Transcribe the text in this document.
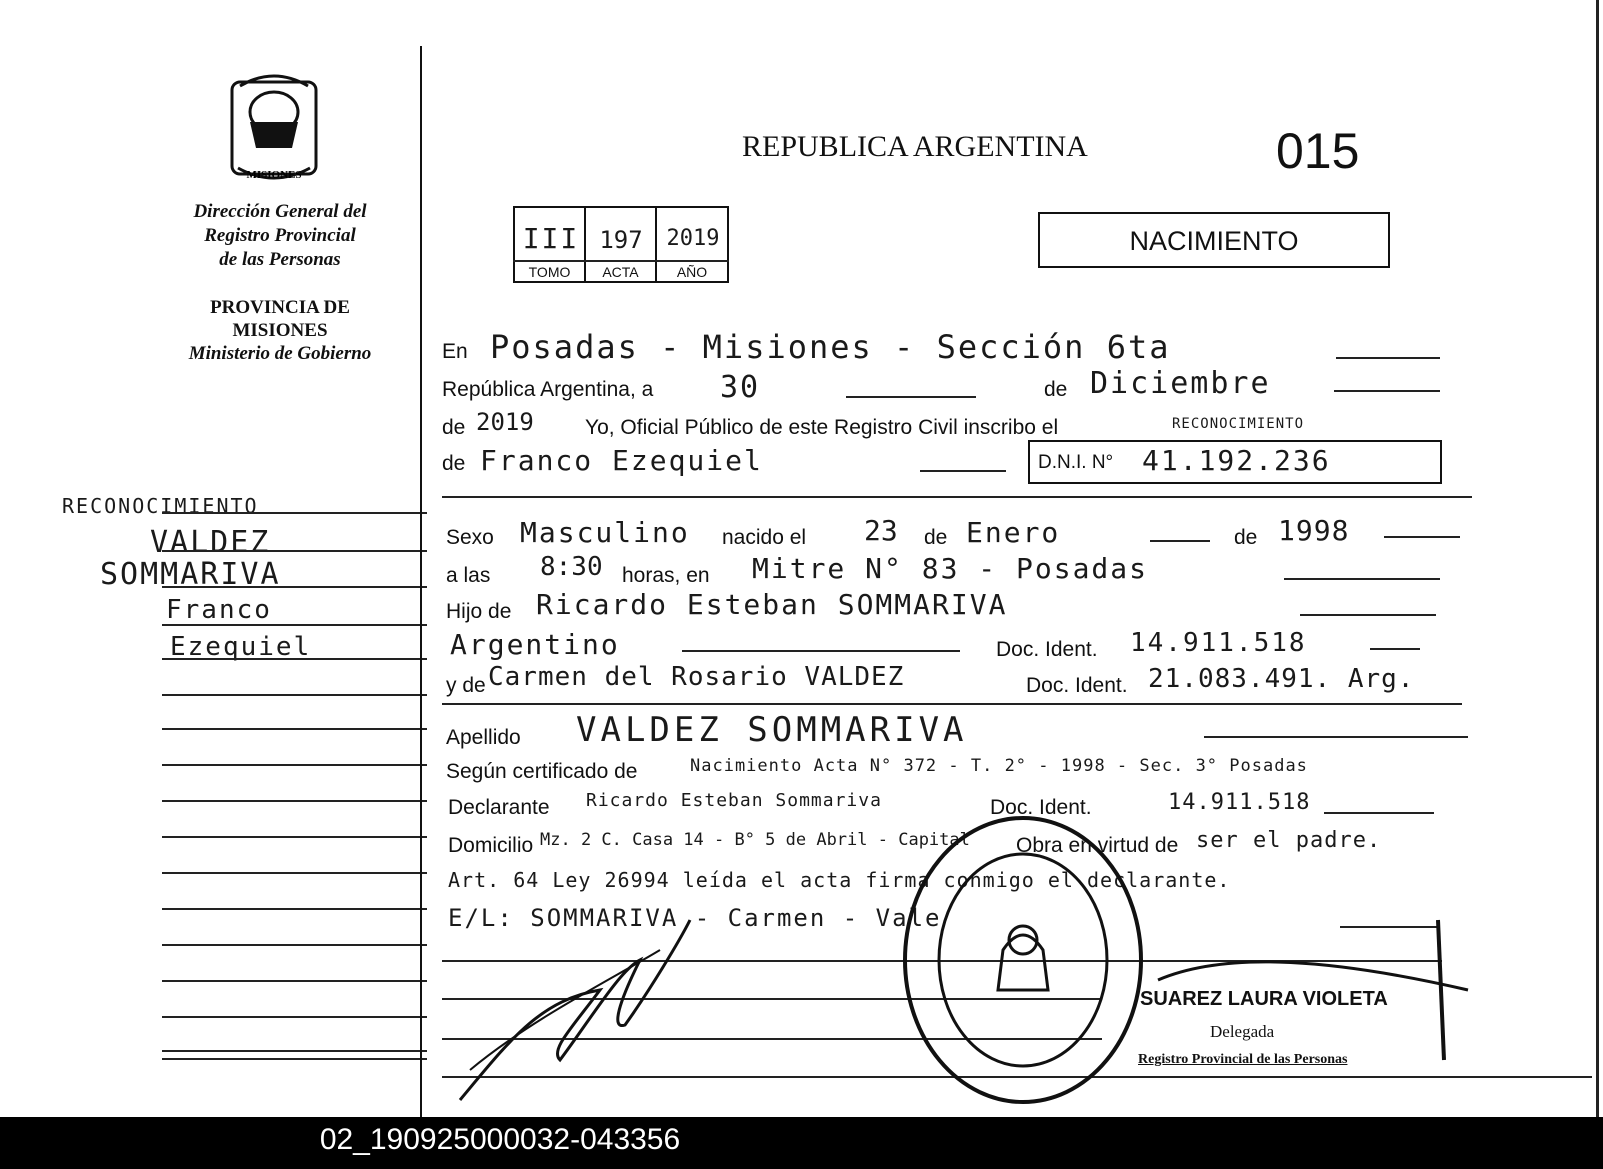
MISIONES
Dirección General del
Registro Provincial
de las Personas
PROVINCIA DE
MISIONES
Ministerio de Gobierno
RECONOCIMIENTO
VALDEZ
SOMMARIVA
Franco
Ezequiel
REPUBLICA ARGENTINA	015
NACIMIENTO
III 197	2019
TOMO	ACTA	AÑO
En Posadas - Misiones - Sección 6ta
República Argentina, a 30	de Diciembre
de 2019 Yo, Oficial Público de este Registro Civil inscribo el	RECONOCIMIENTO
de Franco Ezequiel	D.N.I. N° 41.192.236
Sexo Masculino nacido el 23 de Enero	de 1998
a las 8:30 horas, en Mitre N° 83 - Posadas
Hijo de Ricardo Esteban SOMMARIVA
Argentino	Doc. Ident. 14.911.518
y de Carmen del Rosario VALDEZ	Doc. Ident. 21.083.491. Arg.
Apellido VALDEZ SOMMARIVA
Según certificado de	Nacimiento Acta N° 372 - T. 2° - 1998 - Sec. 3° Posadas
Declarante Ricardo Esteban Sommariva	Doc. Ident.	14.911.518
Domicilio Mz. 2 C. Casa 14 - B° 5 de Abril - Capital Obra en virtud de ser el padre.
Art. 64 Ley 26994 leída el acta firma conmigo el declarante.
E/L: SOMMARIVA - Carmen - Vale
SUAREZ LAURA VIOLETA
Delegada
Registro Provincial de las Personas
02_190925000032-043356
